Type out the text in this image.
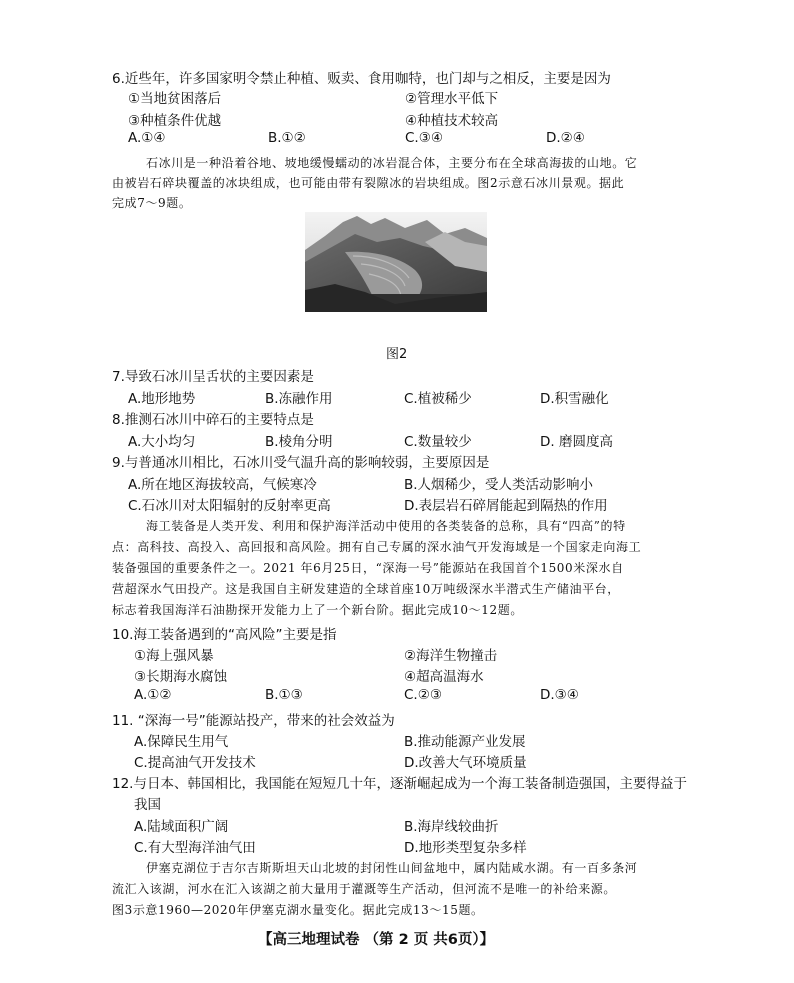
6.近些年，许多国家明令禁止种植、贩卖、食用咖特，也门却与之相反，主要是因为
①当地贫困落后	②管理水平低下
③种植条件优越	④种植技术较高
A.①④	B.①②	C.③④	D.②④
石冰川是一种沿着谷地、坡地缓慢蠕动的冰岩混合体，主要分布在全球高海拔的山地。它
由被岩石碎块覆盖的冰块组成，也可能由带有裂隙冰的岩块组成。图2示意石冰川景观。据此
完成7～9题。
图2
7.导致石冰川呈舌状的主要因素是
A.地形地势	B.冻融作用	C.植被稀少	D.积雪融化
8.推测石冰川中碎石的主要特点是
A.大小均匀	B.棱角分明	C.数量较少	D. 磨圆度高
9.与普通冰川相比，石冰川受气温升高的影响较弱，主要原因是
A.所在地区海拔较高，气候寒冷	B.人烟稀少，受人类活动影响小
C.石冰川对太阳辐射的反射率更高	D.表层岩石碎屑能起到隔热的作用
海工装备是人类开发、利用和保护海洋活动中使用的各类装备的总称，具有“四高”的特
点：高科技、高投入、高回报和高风险。拥有自己专属的深水油气开发海域是一个国家走向海工
装备强国的重要条件之一。2021 年6月25日，“深海一号”能源站在我国首个1500米深水自
营超深水气田投产。这是我国自主研发建造的全球首座10万吨级深水半潜式生产储油平台，
标志着我国海洋石油勘探开发能力上了一个新台阶。据此完成10～12题。
10.海工装备遇到的“高风险”主要是指
①海上强风暴	②海洋生物撞击
③长期海水腐蚀	④超高温海水
A.①②	B.①③	C.②③	D.③④
11. “深海一号”能源站投产，带来的社会效益为
A.保障民生用气	B.推动能源产业发展
C.提高油气开发技术	D.改善大气环境质量
12.与日本、韩国相比，我国能在短短几十年，逐渐崛起成为一个海工装备制造强国，主要得益于
我国
A.陆域面积广阔	B.海岸线较曲折
C.有大型海洋油气田	D.地形类型复杂多样
伊塞克湖位于吉尔吉斯斯坦天山北坡的封闭性山间盆地中，属内陆咸水湖。有一百多条河
流汇入该湖，河水在汇入该湖之前大量用于灌溉等生产活动，但河流不是唯一的补给来源。
图3示意1960—2020年伊塞克湖水量变化。据此完成13～15题。
【高三地理试卷 （第 2 页 共6页）】
